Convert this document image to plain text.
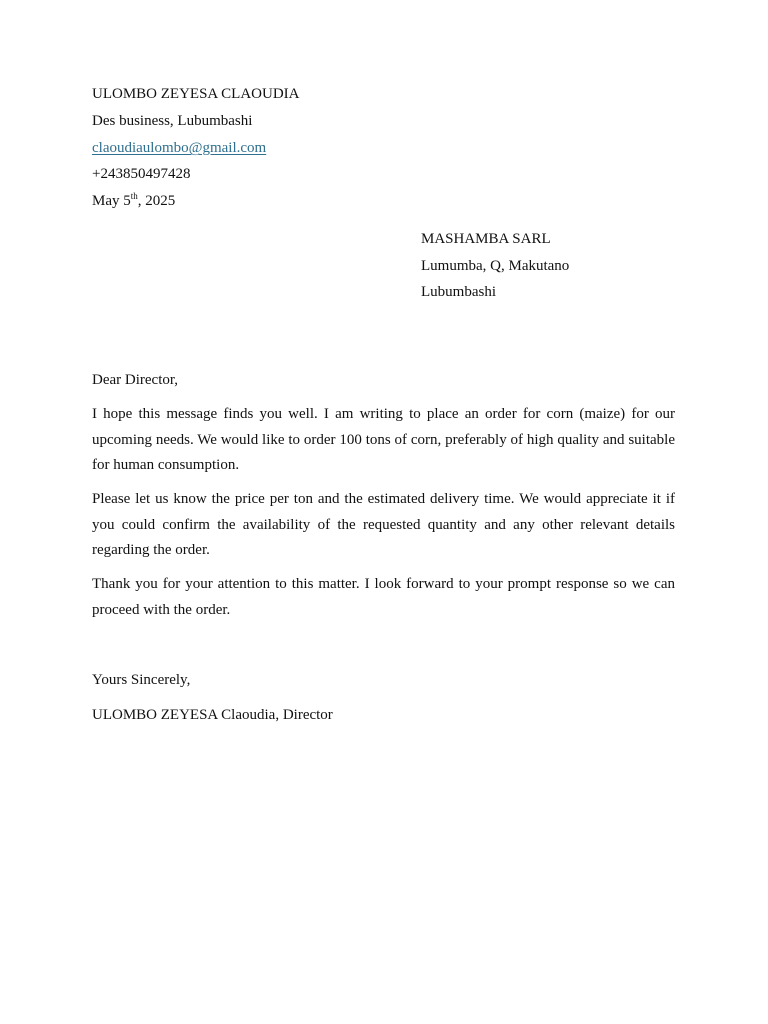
ULOMBO ZEYESA CLAOUDIA
Des business, Lubumbashi
claoudiaulombo@gmail.com
+243850497428
May 5th, 2025
MASHAMBA SARL
Lumumba, Q, Makutano
Lubumbashi
Dear Director,
I hope this message finds you well. I am writing to place an order for corn (maize) for our upcoming needs. We would like to order 100 tons of corn, preferably of high quality and suitable for human consumption.
Please let us know the price per ton and the estimated delivery time. We would appreciate it if you could confirm the availability of the requested quantity and any other relevant details regarding the order.
Thank you for your attention to this matter. I look forward to your prompt response so we can proceed with the order.
Yours Sincerely,
ULOMBO ZEYESA Claoudia, Director
